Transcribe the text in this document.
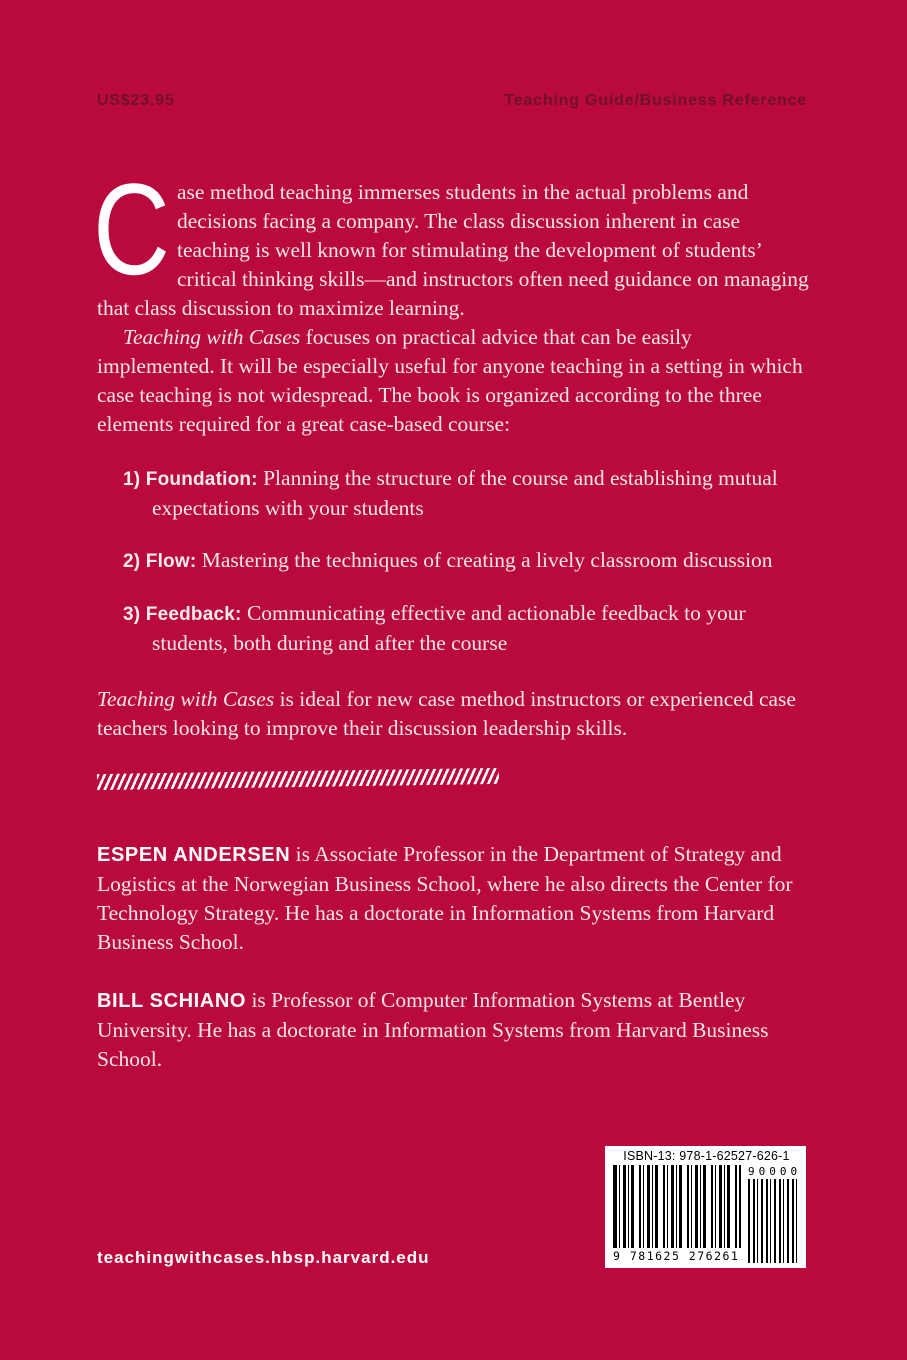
US$23.95	Teaching Guide/Business Reference

Case method teaching immerses students in the actual problems and decisions facing a company. The class discussion inherent in case teaching is well known for stimulating the development of students’ critical thinking skills—and instructors often need guidance on managing that class discussion to maximize learning.

Teaching with Cases focuses on practical advice that can be easily implemented. It will be especially useful for anyone teaching in a setting in which case teaching is not widespread. The book is organized according to the three elements required for a great case-based course:

1) Foundation: Planning the structure of the course and establishing mutual expectations with your students
2) Flow: Mastering the techniques of creating a lively classroom discussion
3) Feedback: Communicating effective and actionable feedback to your students, both during and after the course

Teaching with Cases is ideal for new case method instructors or experienced case teachers looking to improve their discussion leadership skills.

ESPEN ANDERSEN is Associate Professor in the Department of Strategy and Logistics at the Norwegian Business School, where he also directs the Center for Technology Strategy. He has a doctorate in Information Systems from Harvard Business School.

BILL SCHIANO is Professor of Computer Information Systems at Bentley University. He has a doctorate in Information Systems from Harvard Business School.

teachingwithcases.hbsp.harvard.edu
ISBN-13: 978-1-62527-626-1
9 781625 276261
90000
